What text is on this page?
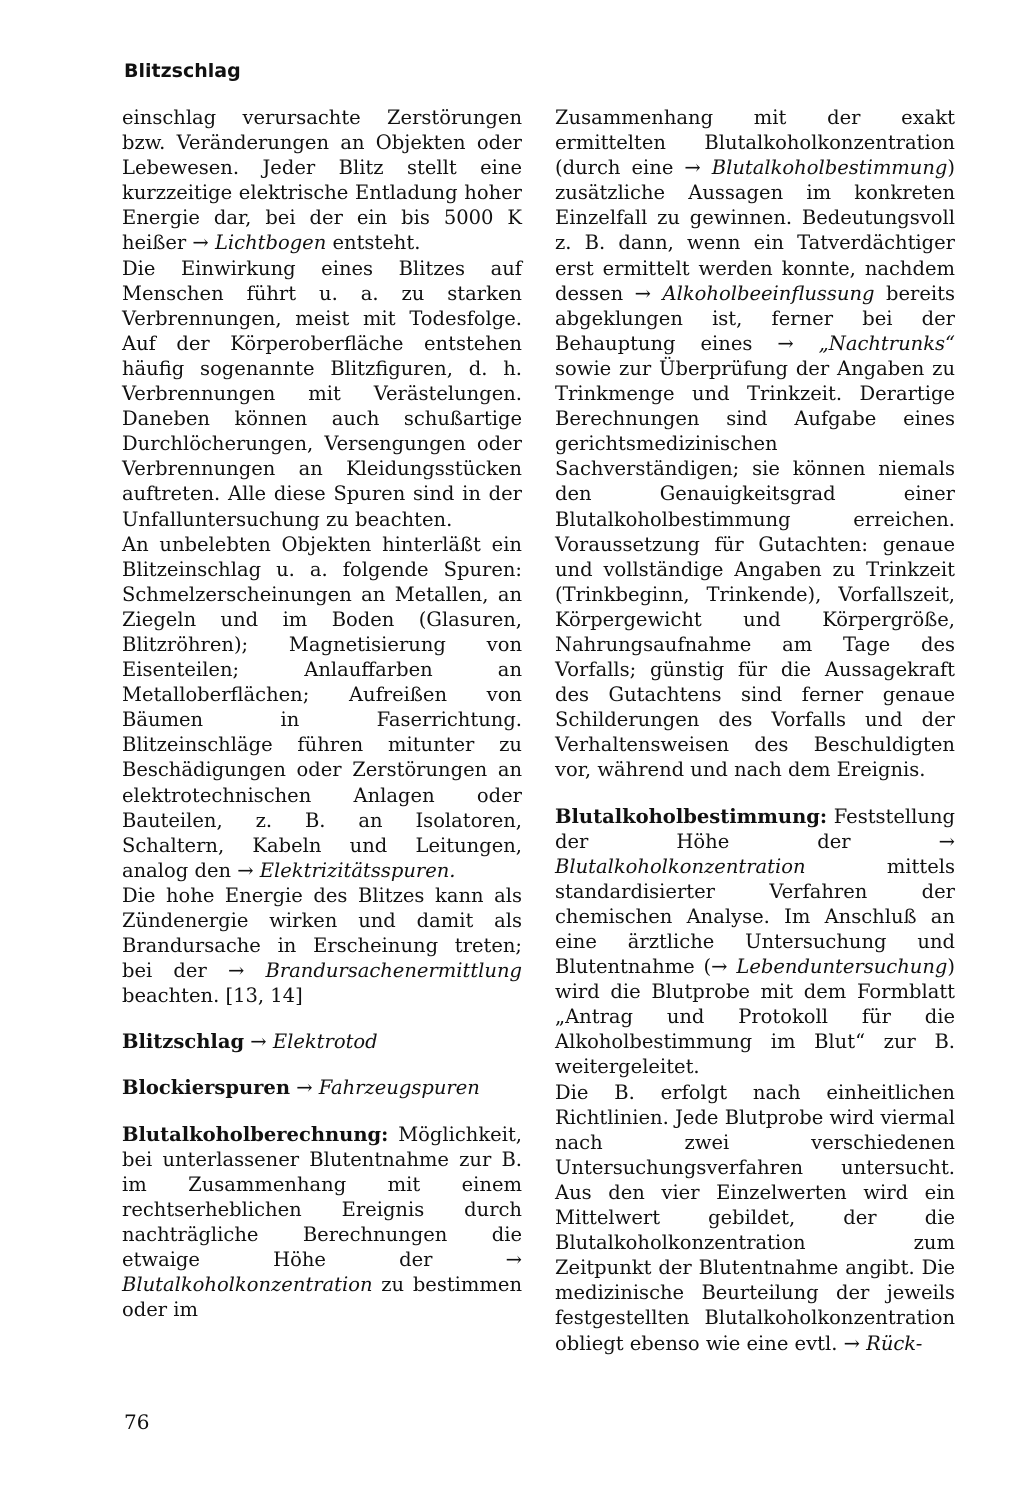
Blitzschlag

einschlag verursachte Zerstörungen bzw. Veränderungen an Objekten oder Lebewesen. Jeder Blitz stellt eine kurzzeitige elektrische Entladung hoher Energie dar, bei der ein bis 5000 K heißer → Lichtbogen entsteht.

Die Einwirkung eines Blitzes auf Menschen führt u. a. zu starken Verbrennungen, meist mit Todesfolge. Auf der Körperoberfläche entstehen häufig sogenannte Blitzfiguren, d. h. Verbrennungen mit Verästelungen. Daneben können auch schußartige Durchlöcherungen, Versengungen oder Verbrennungen an Kleidungsstücken auftreten. Alle diese Spuren sind in der Unfalluntersuchung zu beachten.

An unbelebten Objekten hinterläßt ein Blitzeinschlag u. a. folgende Spuren: Schmelzerscheinungen an Metallen, an Ziegeln und im Boden (Glasuren, Blitzröhren); Magnetisierung von Eisenteilen; Anlauffarben an Metalloberflächen; Aufreißen von Bäumen in Faserrichtung. Blitzeinschläge führen mitunter zu Beschädigungen oder Zerstörungen an elektrotechnischen Anlagen oder Bauteilen, z. B. an Isolatoren, Schaltern, Kabeln und Leitungen, analog den → Elektrizitätsspuren.

Die hohe Energie des Blitzes kann als Zündenergie wirken und damit als Brandursache in Erscheinung treten; bei der → Brandursachenermittlung beachten. [13, 14]

Blitzschlag → Elektrotod

Blockierspuren → Fahrzeugspuren

Blutalkoholberechnung: Möglichkeit, bei unterlassener Blutentnahme zur B. im Zusammenhang mit einem rechtserheblichen Ereignis durch nachträgliche Berechnungen die etwaige Höhe der → Blutalkoholkonzentration zu bestimmen oder im

Zusammenhang mit der exakt ermittelten Blutalkoholkonzentration (durch eine → Blutalkoholbestimmung) zusätzliche Aussagen im konkreten Einzelfall zu gewinnen. Bedeutungsvoll z. B. dann, wenn ein Tatverdächtiger erst ermittelt werden konnte, nachdem dessen → Alkoholbeeinflussung bereits abgeklungen ist, ferner bei der Behauptung eines → „Nachtrunks“ sowie zur Überprüfung der Angaben zu Trinkmenge und Trinkzeit. Derartige Berechnungen sind Aufgabe eines gerichtsmedizinischen Sachverständigen; sie können niemals den Genauigkeitsgrad einer Blutalkoholbestimmung erreichen. Voraussetzung für Gutachten: genaue und vollständige Angaben zu Trinkzeit (Trinkbeginn, Trinkende), Vorfallszeit, Körpergewicht und Körpergröße, Nahrungsaufnahme am Tage des Vorfalls; günstig für die Aussagekraft des Gutachtens sind ferner genaue Schilderungen des Vorfalls und der Verhaltensweisen des Beschuldigten vor, während und nach dem Ereignis.

Blutalkoholbestimmung: Feststellung der Höhe der → Blutalkoholkonzentration	mittels standardisierter Verfahren der chemischen Analyse. Im Anschluß an eine ärztliche Untersuchung und Blutentnahme (→ Lebenduntersuchung) wird die Blutprobe mit dem Formblatt „Antrag und Protokoll für die Alkoholbestimmung im Blut“ zur B. weitergeleitet.

Die B. erfolgt nach einheitlichen Richtlinien. Jede Blutprobe wird viermal nach zwei verschiedenen Untersuchungsverfahren untersucht. Aus den vier Einzelwerten wird ein Mittelwert gebildet, der die Blutalkoholkonzentration zum Zeitpunkt der Blutentnahme angibt. Die medizinische Beurteilung der jeweils festgestellten Blutalkoholkonzentration obliegt ebenso wie eine evtl. → Rück-

76
